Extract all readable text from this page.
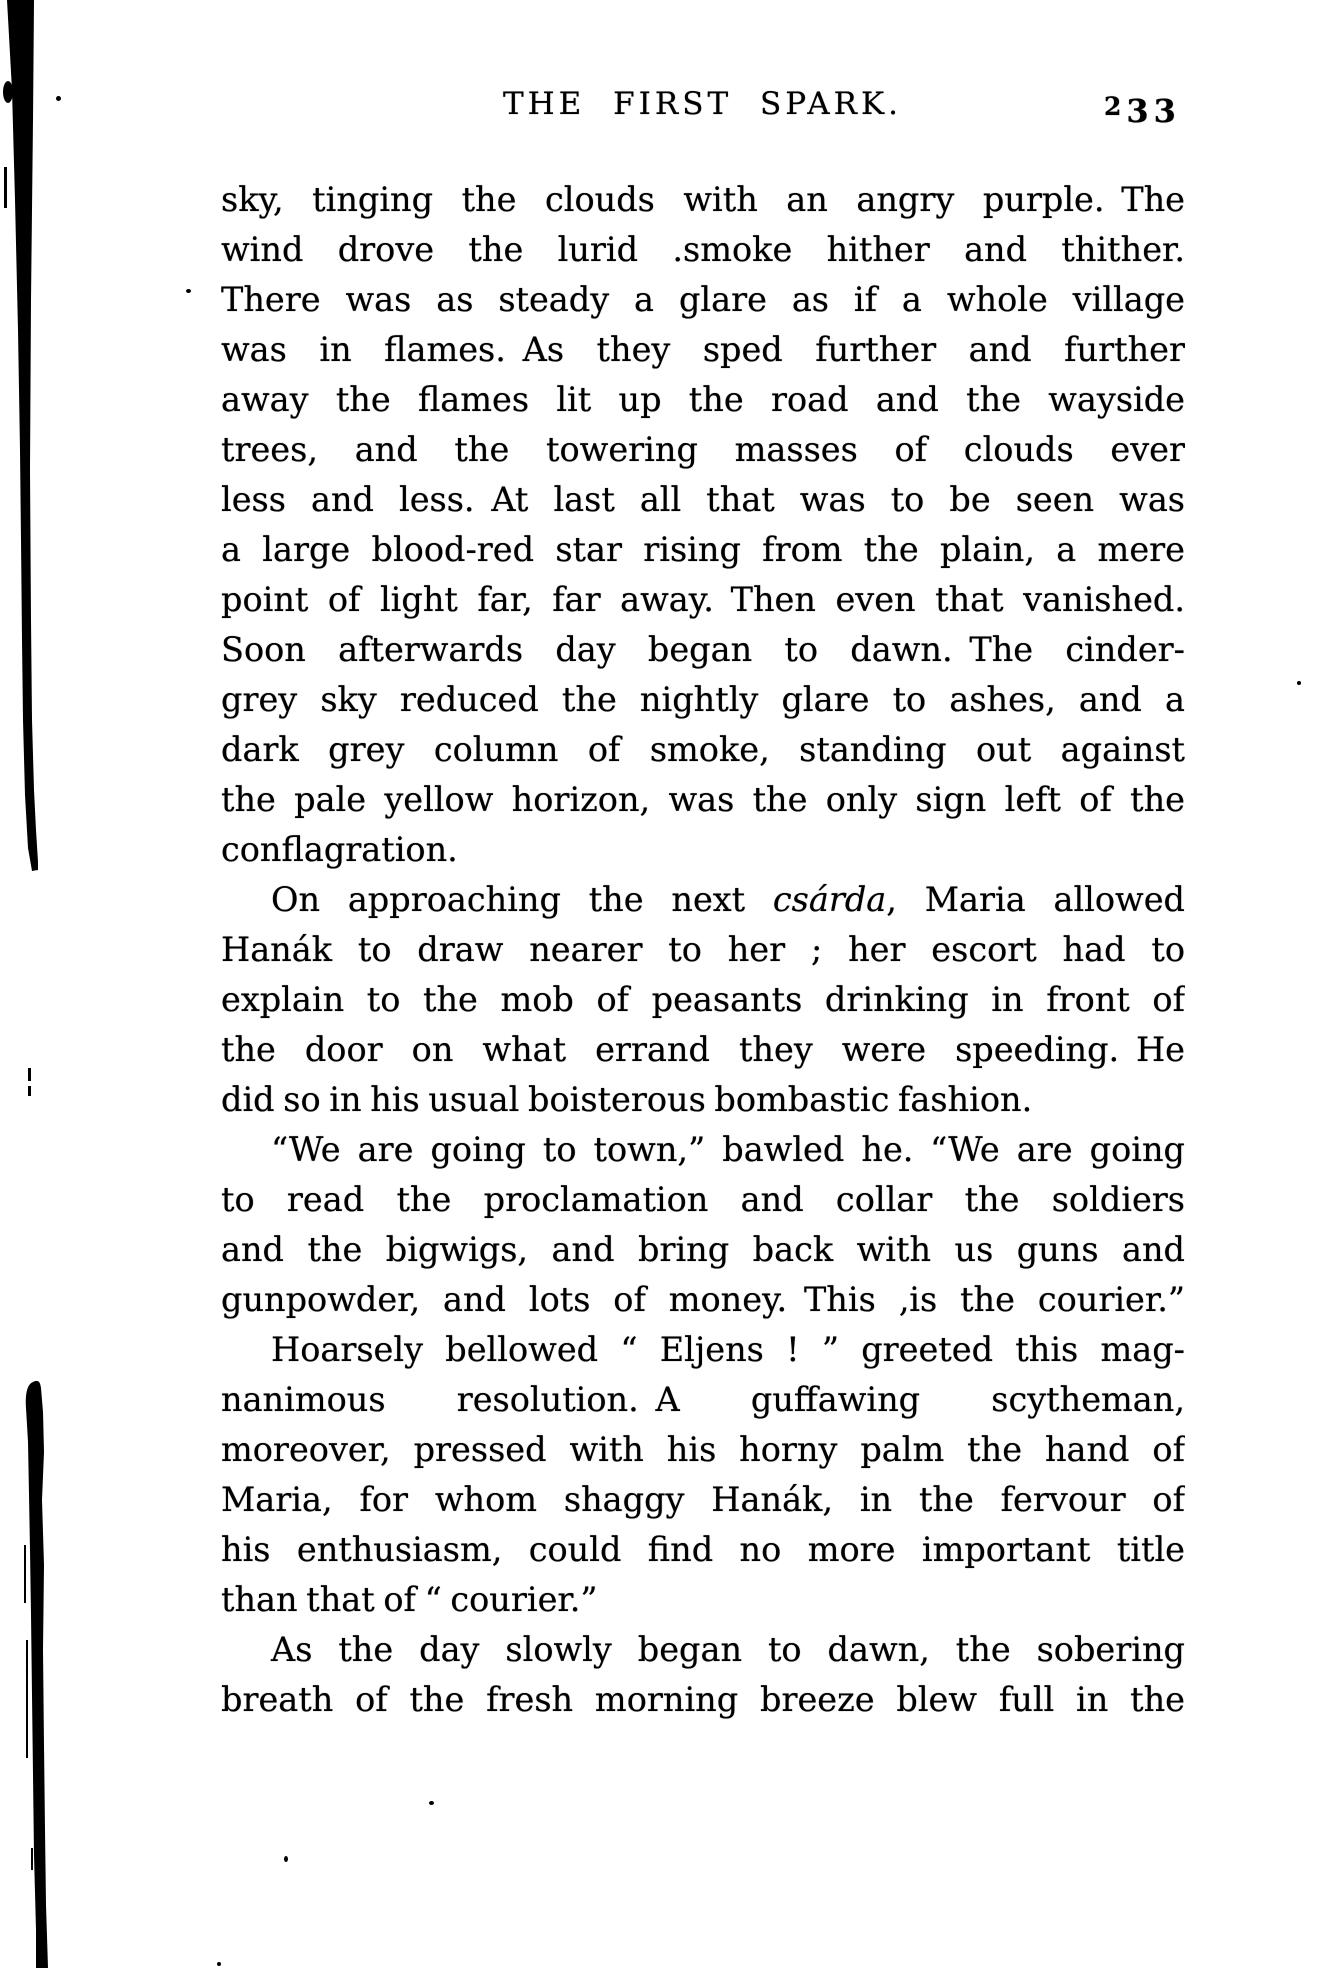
THE FIRST SPARK.	$^2$33
sky, tinging the clouds with an angry purple. The
wind drove the lurid .smoke hither and thither.
There was as steady a glare as if a whole village
was in flames. As they sped further and further
away the flames lit up the road and the wayside
trees, and the towering masses of clouds ever
less and less. At last all that was to be seen was
a large blood-red star rising from the plain, a mere
point of light far, far away. Then even that vanished.
Soon afterwards day began to dawn. The cinder-
grey sky reduced the nightly glare to ashes, and a
dark grey column of smoke, standing out against
the pale yellow horizon, was the only sign left of the
conflagration.
On approaching the next csárda, Maria allowed
Hanák to draw nearer to her ; her escort had to
explain to the mob of peasants drinking in front of
the door on what errand they were speeding. He
did so in his usual boisterous bombastic fashion.
“We are going to town,” bawled he. “We are going
to read the proclamation and collar the soldiers
and the bigwigs, and bring back with us guns and
gunpowder, and lots of money. This ‚is the courier.”
Hoarsely bellowed “ Eljens ! ” greeted this mag-
nanimous resolution. A guffawing scytheman,
moreover, pressed with his horny palm the hand of
Maria, for whom shaggy Hanák, in the fervour of
his enthusiasm, could find no more important title
than that of “ courier.”
As the day slowly began to dawn, the sobering
breath of the fresh morning breeze blew full in the
